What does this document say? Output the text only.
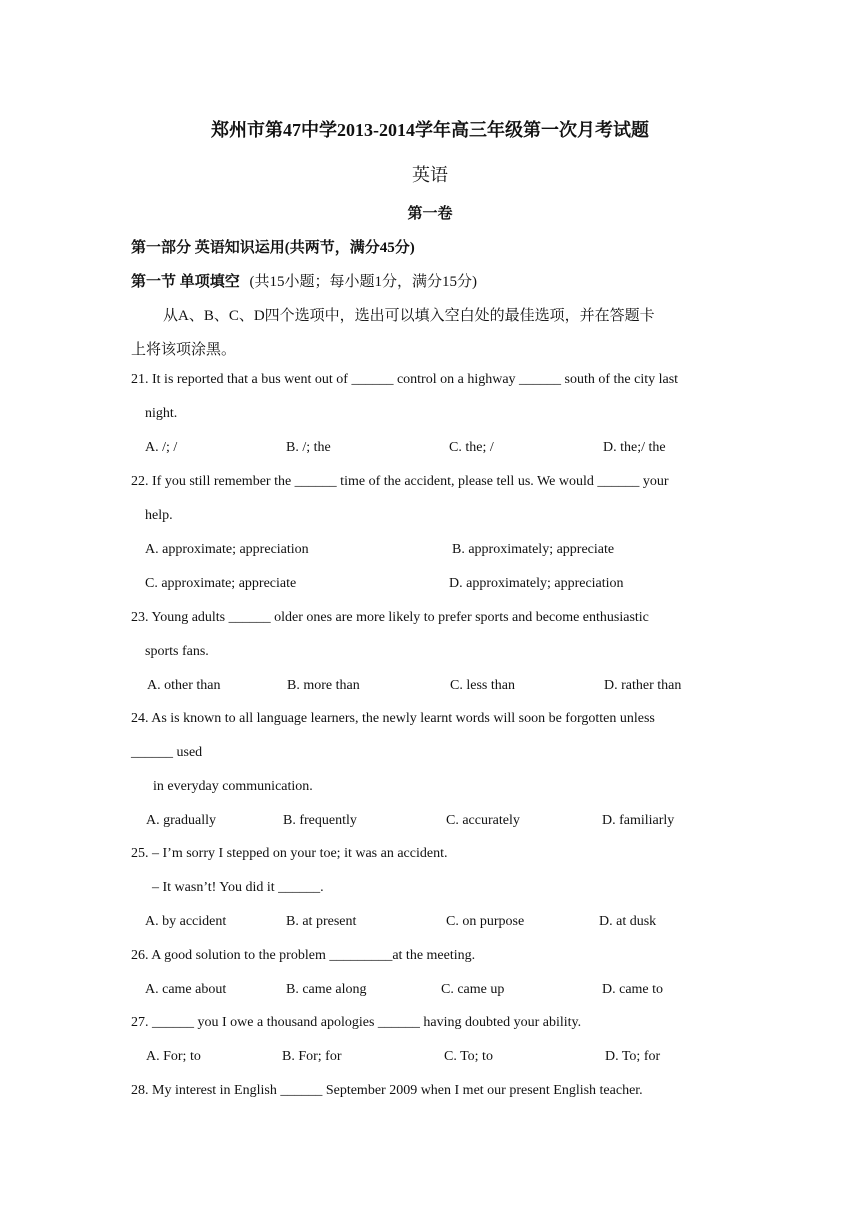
郑州市第47中学2013-2014学年高三年级第一次月考试题
英语
第一卷
第一部分 英语知识运用(共两节，满分45分)
第一节 单项填空 (共15小题；每小题1分，满分15分)
从A、B、C、D四个选项中，选出可以填入空白处的最佳选项，并在答题卡
上将该项涂黑。
21. It is reported that a bus went out of ______ control on a highway ______ south of the city last
night.
A. /; /	B. /; the	C. the; /	D. the;/ the
22. If you still remember the ______ time of the accident, please tell us. We would ______ your
help.
A. approximate; appreciation	B. approximately; appreciate
C. approximate; appreciate	D. approximately; appreciation
23. Young adults ______ older ones are more likely to prefer sports and become enthusiastic
sports fans.
A. other than	B. more than	C. less than	D. rather than
24. As is known to all language learners, the newly learnt words will soon be forgotten unless
______ used
in everyday communication.
A. gradually	B. frequently	C. accurately	D. familiarly
25. – I’m sorry I stepped on your toe; it was an accident.
– It wasn’t! You did it ______.
A. by accident	B. at present	C. on purpose	D. at dusk
26. A good solution to the problem _________at the meeting.
A. came about	B. came along	C. came up	D. came to
27. ______ you I owe a thousand apologies ______ having doubted your ability.
A. For; to	B. For; for	C. To; to	D. To; for
28. My interest in English ______ September 2009 when I met our present English teacher.
